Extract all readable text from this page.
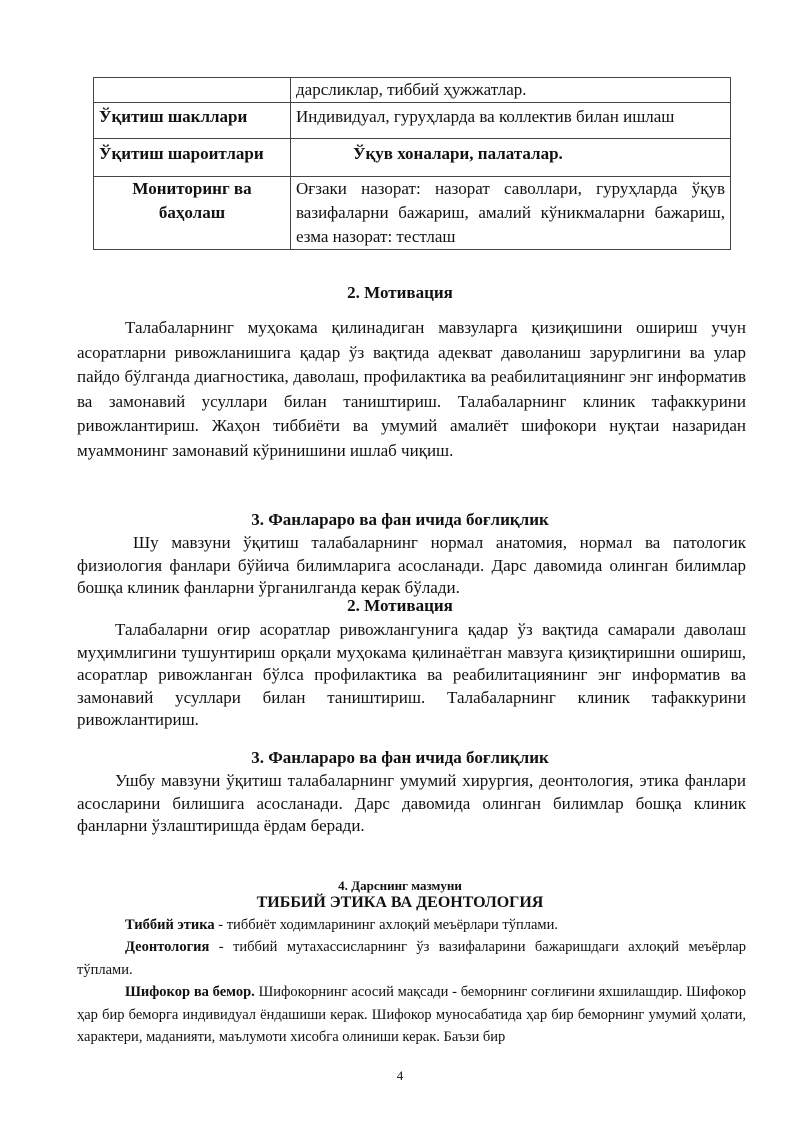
	дарсликлар, тиббий ҳужжатлар.
Ўқитиш шакллари	Индивидуал, гуруҳларда ва коллектив билан ишлаш
Ўқитиш шароитлари	Ўқув хоналари, палаталар.
Мониторинг ва баҳолаш	Оғзаки назорат: назорат саволлари, гуруҳларда ўқув вазифаларни бажариш, амалий кўникмаларни бажариш, езма назорат: тестлаш
2. Мотивация
Талабаларнинг муҳокама қилинадиган мавзуларга қизиқишини ошириш учун асоратларни ривожланишига қадар ўз вақтида адекват даволаниш зарурлигини ва улар пайдо бўлганда диагностика, даволаш, профилактика ва реабилитациянинг энг информатив ва замонавий усуллари билан таништириш. Талабаларнинг клиник тафаккурини ривожлантириш. Жаҳон тиббиёти ва умумий амалиёт шифокори нуқтаи назаридан муаммонинг замонавий кўринишини ишлаб чиқиш.
3. Фанлараро ва фан ичида боғлиқлик
Шу мавзуни ўқитиш талабаларнинг нормал анатомия, нормал ва патологик физиология фанлари бўйича билимларига асосланади. Дарс давомида олинган билимлар бошқа клиник фанларни ўрганилганда керак бўлади.
2. Мотивация
Талабаларни оғир асоратлар ривожлангунига қадар ўз вақтида самарали даволаш муҳимлигини тушунтириш орқали муҳокама қилинаётган мавзуга қизиқтиришни ошириш, асоратлар ривожланган бўлса профилактика ва реабилитациянинг энг информатив ва замонавий усуллари билан таништириш. Талабаларнинг клиник тафаккурини ривожлантириш.
3. Фанлараро ва фан ичида боғлиқлик
Ушбу мавзуни ўқитиш талабаларнинг умумий хирургия, деонтология, этика фанлари асосларини билишига асосланади. Дарс давомида олинган билимлар бошқа клиник фанларни ўзлаштиришда ёрдам беради.
4. Дарснинг мазмуни
ТИББИЙ ЭТИКА ВА ДЕОНТОЛОГИЯ
Тиббий этика - тиббиёт ходимларининг ахлоқий меъёрлари тўплами.
Деонтология - тиббий мутахассисларнинг ўз вазифаларини бажаришдаги ахлоқий меъёрлар тўплами.
Шифокор ва бемор. Шифокорнинг асосий мақсади - беморнинг соғлиғини яхшилашдир. Шифокор ҳар бир беморга индивидуал ёндашиши керак. Шифокор муносабатида ҳар бир беморнинг умумий ҳолати, характери, маданияти, маълумоти хисобга олиниши керак. Баъзи бир
4
